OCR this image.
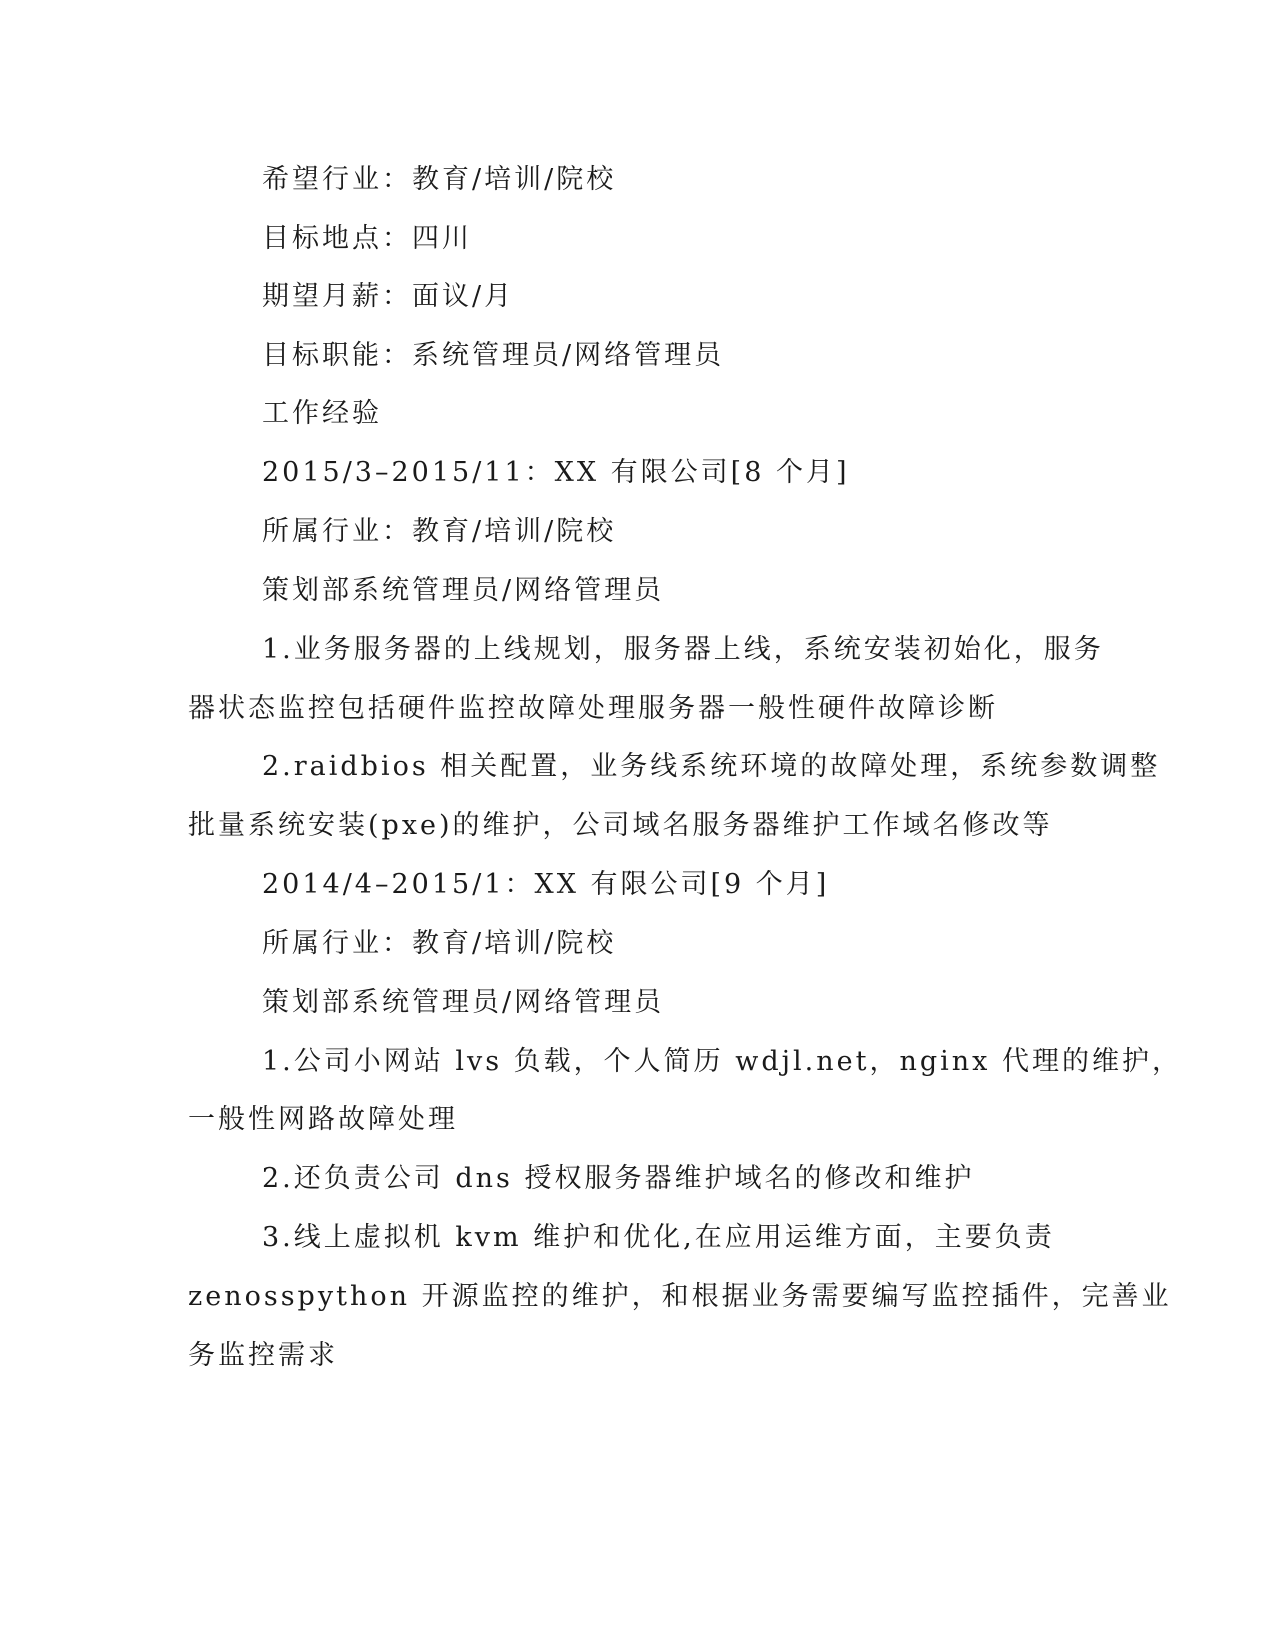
希望行业：教育/培训/院校
目标地点：四川
期望月薪：面议/月
目标职能：系统管理员/网络管理员
工作经验
2015/3–2015/11：XX 有限公司[8 个月]
所属行业：教育/培训/院校
策划部系统管理员/网络管理员
1.业务服务器的上线规划，服务器上线，系统安装初始化，服务
器状态监控包括硬件监控故障处理服务器一般性硬件故障诊断
2.raidbios 相关配置，业务线系统环境的故障处理，系统参数调整
批量系统安装(pxe)的维护，公司域名服务器维护工作域名修改等
2014/4–2015/1：XX 有限公司[9 个月]
所属行业：教育/培训/院校
策划部系统管理员/网络管理员
1.公司小网站 lvs 负载，个人简历 wdjl.net，nginx 代理的维护，
一般性网路故障处理
2.还负责公司 dns 授权服务器维护域名的修改和维护
3.线上虚拟机 kvm 维护和优化,在应用运维方面，主要负责
zenosspython 开源监控的维护，和根据业务需要编写监控插件，完善业
务监控需求
